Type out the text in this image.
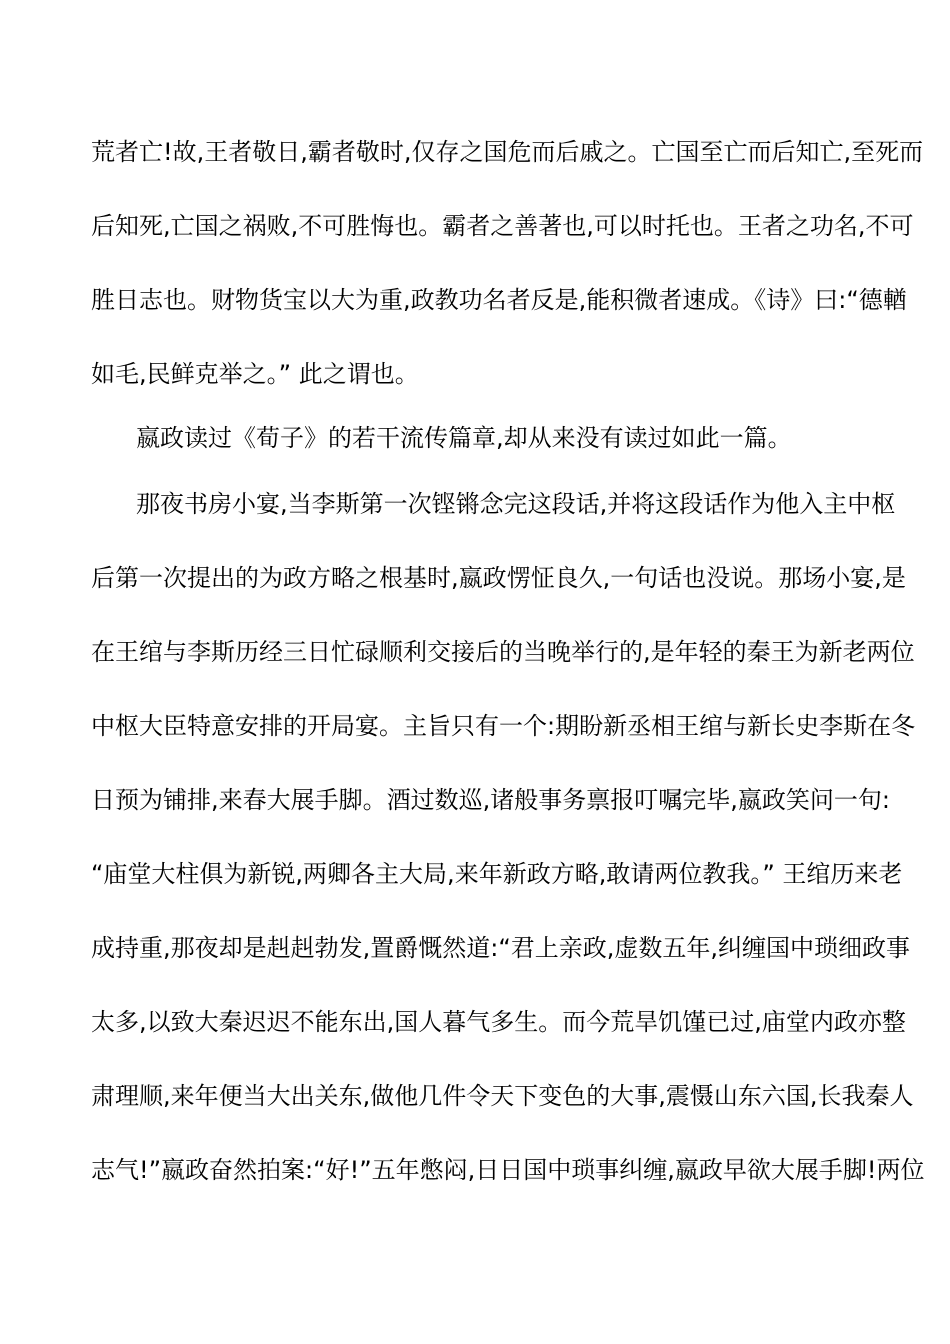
荒者亡!故,王者敬日,霸者敬时,仅存之国危而后戚之。亡国至亡而后知亡,至死而
后知死,亡国之祸败,不可胜悔也。霸者之善著也,可以时托也。王者之功名,不可
胜日志也。财物货宝以大为重,政教功名者反是,能积微者速成。《诗》曰:“德輶
如毛,民鲜克举之。” 此之谓也。
嬴政读过《荀子》的若干流传篇章,却从来没有读过如此一篇。
那夜书房小宴,当李斯第一次铿锵念完这段话,并将这段话作为他入主中枢
后第一次提出的为政方略之根基时,嬴政愣怔良久,一句话也没说。那场小宴,是
在王绾与李斯历经三日忙碌顺利交接后的当晚举行的,是年轻的秦王为新老两位
中枢大臣特意安排的开局宴。主旨只有一个:期盼新丞相王绾与新长史李斯在冬
日预为铺排,来春大展手脚。酒过数巡,诸般事务禀报叮嘱完毕,嬴政笑问一句:
“庙堂大柱俱为新锐,两卿各主大局,来年新政方略,敢请两位教我。” 王绾历来老
成持重,那夜却是赳赳勃发,置爵慨然道:“君上亲政,虚数五年,纠缠国中琐细政事
太多,以致大秦迟迟不能东出,国人暮气多生。而今荒旱饥馑已过,庙堂内政亦整
肃理顺,来年便当大出关东,做他几件令天下变色的大事,震慑山东六国,长我秦人
志气!”嬴政奋然拍案:“好!”五年憋闷,日日国中琐事纠缠,嬴政早欲大展手脚!两位
